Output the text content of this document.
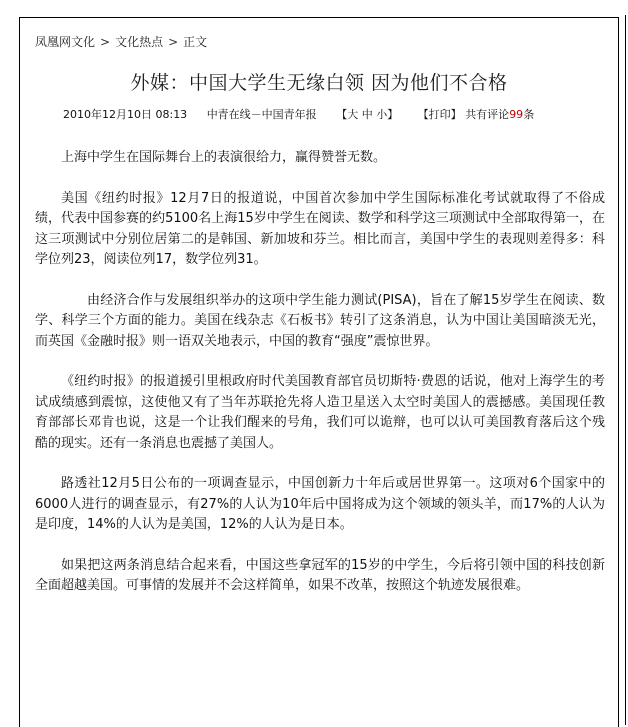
凤凰网文化 > 文化热点 > 正文
外媒：中国大学生无缘白领 因为他们不合格
2010年12月10日 08:13 中青在线－中国青年报 【大 中 小】 【打印】 共有评论99条

上海中学生在国际舞台上的表演很给力，赢得赞誉无数。

美国《纽约时报》12月7日的报道说，中国首次参加中学生国际标准化考试就取得了不俗成绩，代表中国参赛的约5100名上海15岁中学生在阅读、数学和科学这三项测试中全部取得第一，在这三项测试中分别位居第二的是韩国、新加坡和芬兰。相比而言，美国中学生的表现则差得多：科学位列23，阅读位列17，数学位列31。

由经济合作与发展组织举办的这项中学生能力测试(PISA)，旨在了解15岁学生在阅读、数学、科学三个方面的能力。美国在线杂志《石板书》转引了这条消息，认为中国让美国暗淡无光，而英国《金融时报》则一语双关地表示，中国的教育“强度”震惊世界。

《纽约时报》的报道援引里根政府时代美国教育部官员切斯特·费恩的话说，他对上海学生的考试成绩感到震惊，这使他又有了当年苏联抢先将人造卫星送入太空时美国人的震撼感。美国现任教育部部长邓肯也说，这是一个让我们醒来的号角，我们可以诡辩，也可以认可美国教育落后这个残酷的现实。还有一条消息也震撼了美国人。

路透社12月5日公布的一项调查显示，中国创新力十年后或居世界第一。这项对6个国家中的6000人进行的调查显示，有27%的人认为10年后中国将成为这个领域的领头羊，而17%的人认为是印度，14%的人认为是美国，12%的人认为是日本。

如果把这两条消息结合起来看，中国这些拿冠军的15岁的中学生，今后将引领中国的科技创新全面超越美国。可事情的发展并不会这样简单，如果不改革，按照这个轨迹发展很难。
